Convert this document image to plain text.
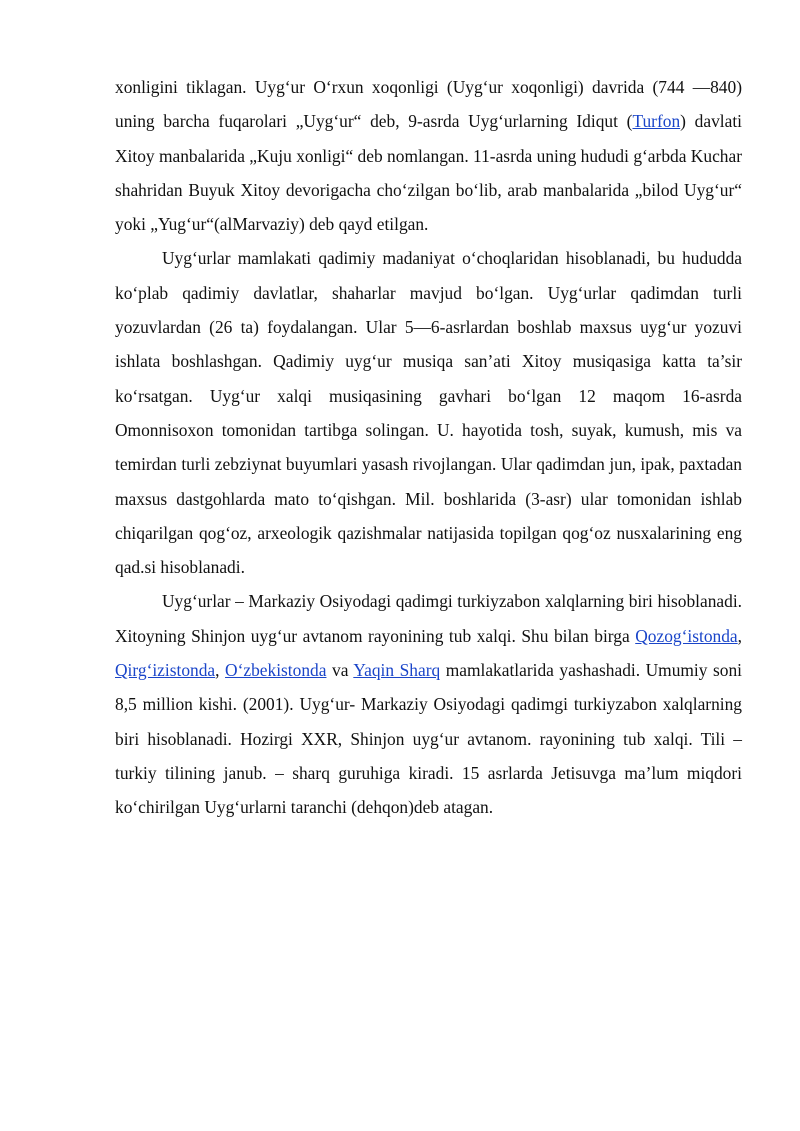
xonligini tiklagan. Uyg‘ur O‘rxun xoqonligi (Uyg‘ur xoqonligi) davrida (744 —840) uning barcha fuqarolari „Uyg‘ur“ deb, 9-asrda Uyg‘urlarning Idiqut (Turfon) davlati Xitoy manbalarida „Kuju xonligi“ deb nomlangan. 11-asrda uning hududi g‘arbda Kuchar shahridan Buyuk Xitoy devorigacha cho‘zilgan bo‘lib, arab manbalarida „bilod Uyg‘ur“ yoki „Yug‘ur“(alMarvaziy) deb qayd etilgan.

Uyg‘urlar mamlakati qadimiy madaniyat o‘choqlaridan hisoblanadi, bu hududda ko‘plab qadimiy davlatlar, shaharlar mavjud bo‘lgan. Uyg‘urlar qadimdan turli yozuvlardan (26 ta) foydalangan. Ular 5—6-asrlardan boshlab maxsus uyg‘ur yozuvi ishlata boshlashgan. Qadimiy uyg‘ur musiqa san’ati Xitoy musiqasiga katta ta’sir ko‘rsatgan. Uyg‘ur xalqi musiqasining gavhari bo‘lgan 12 maqom 16-asrda Omonnisoxon tomonidan tartibga solingan. U. hayotida tosh, suyak, kumush, mis va temirdan turli zebziynat buyumlari yasash rivojlangan. Ular qadimdan jun, ipak, paxtadan maxsus dastgohlarda mato to‘qishgan. Mil. boshlarida (3-asr) ular tomonidan ishlab chiqarilgan qog‘oz, arxeologik qazishmalar natijasida topilgan qog‘oz nusxalarining eng qad.si hisoblanadi.

Uyg‘urlar – Markaziy Osiyodagi qadimgi turkiyzabon xalqlarning biri hisoblanadi. Xitoyning Shinjon uyg‘ur avtanom rayonining tub xalqi. Shu bilan birga Qozog‘istonda, Qirg‘izistonda, O‘zbekistonda va Yaqin Sharq mamlakatlarida yashashadi. Umumiy soni 8,5 million kishi. (2001). Uyg‘ur- Markaziy Osiyodagi qadimgi turkiyzabon xalqlarning biri hisoblanadi. Hozirgi XXR, Shinjon uyg‘ur avtanom. rayonining tub xalqi. Tili – turkiy tilining janub. – sharq guruhiga kiradi. 15 asrlarda Jetisuvga ma’lum miqdori ko‘chirilgan Uyg‘urlarni taranchi (dehqon)deb atagan.
